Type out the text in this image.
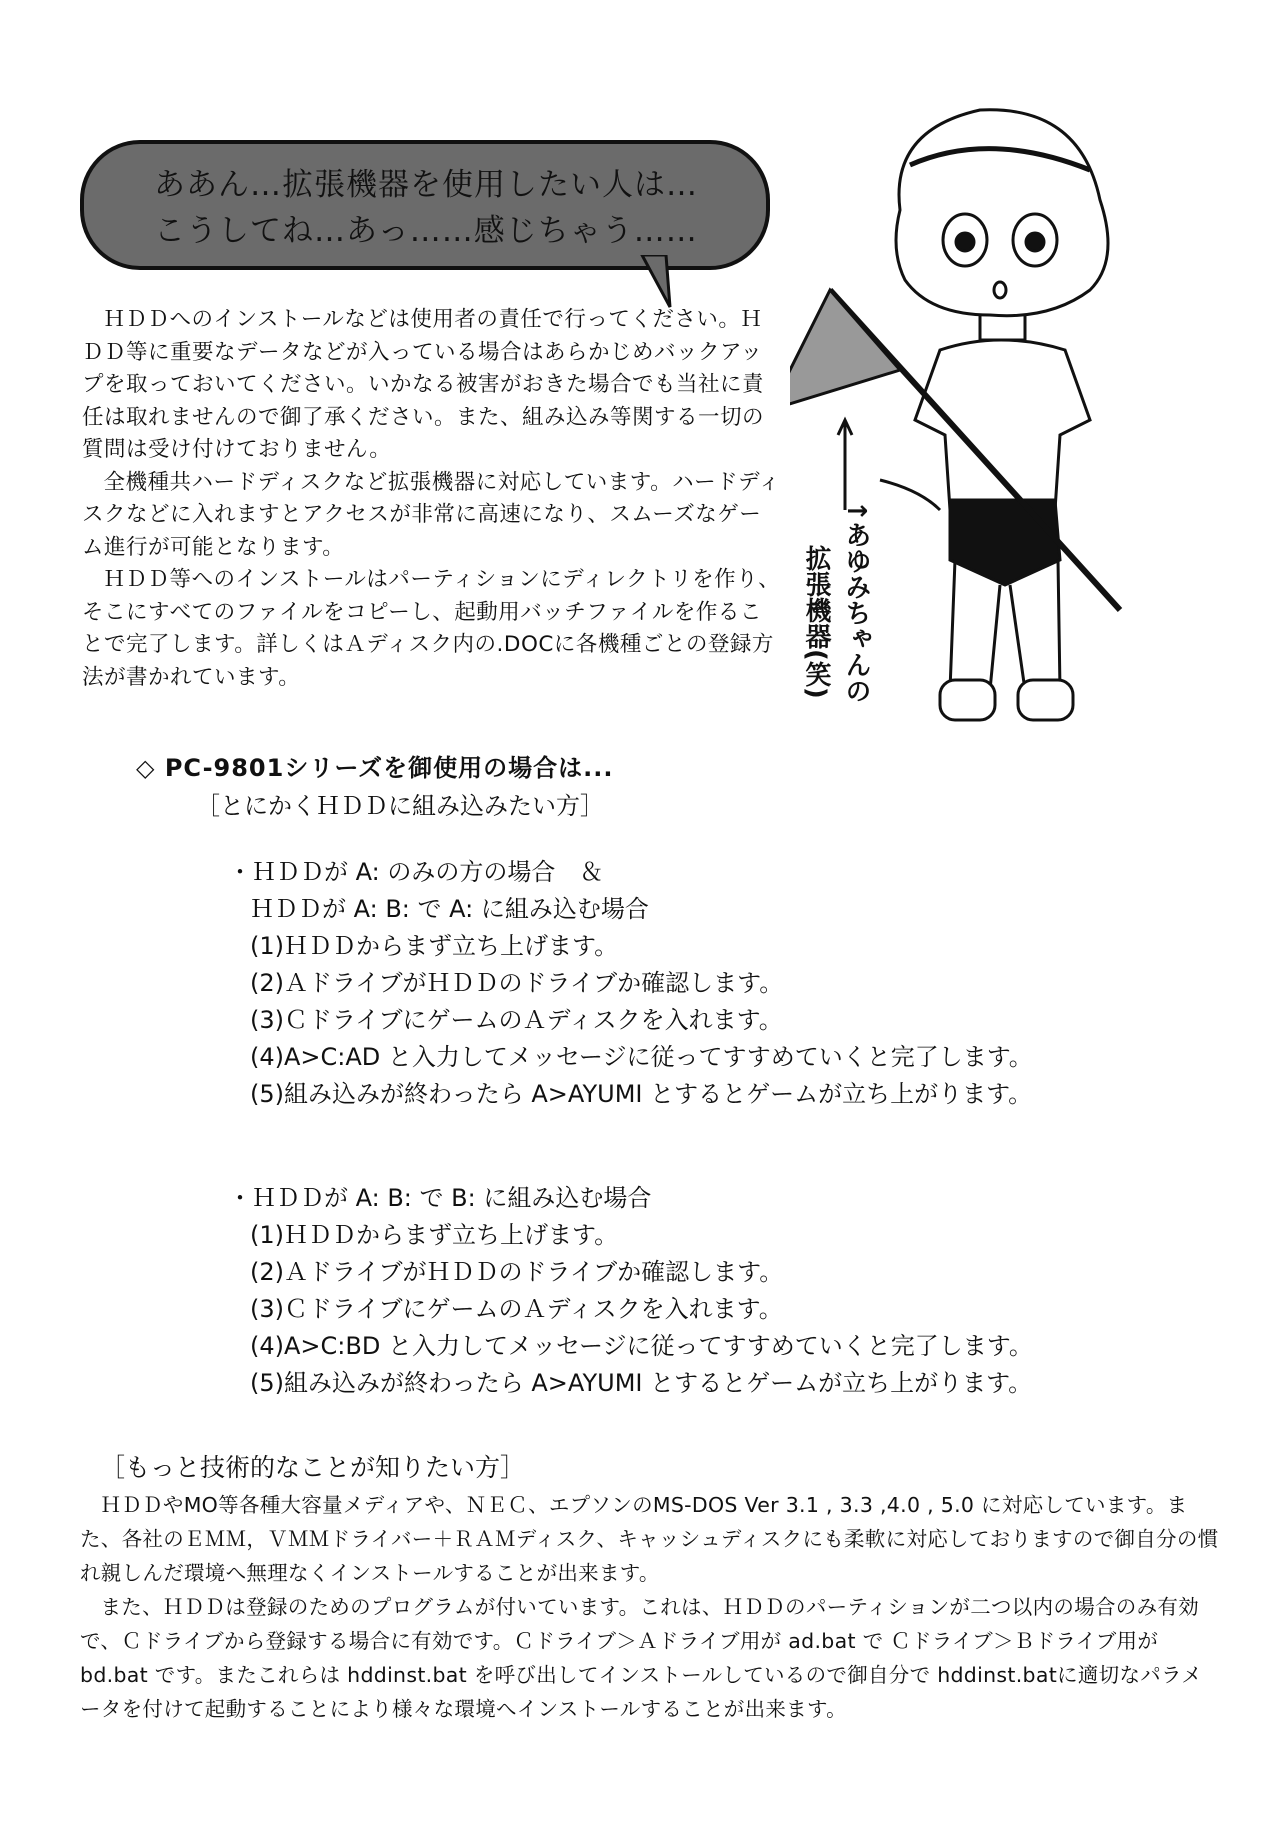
ああん…拡張機器を使用したい人は…
こうしてね…あっ……感じちゃう……

ＨＤＤへのインストールなどは使用者の責任で行ってください。ＨＤＤ等に重要なデータなどが入っている場合はあらかじめバックアップを取っておいてください。いかなる被害がおきた場合でも当社に責任は取れませんので御了承ください。また、組み込み等関する一切の質問は受け付けておりません。

全機種共ハードディスクなど拡張機器に対応しています。ハードディスクなどに入れますとアクセスが非常に高速になり、スムーズなゲーム進行が可能となります。

ＨＤＤ等へのインストールはパーティションにディレクトリを作り、そこにすべてのファイルをコピーし、起動用バッチファイルを作ることで完了します。詳しくはＡディスク内の.DOCに各機種ごとの登録方法が書かれています。	↑あゆみちゃんの
拡張機器(笑)
◇ PC-9801シリーズを御使用の場合は...
［とにかくＨＤＤに組み込みたい方］
・ＨＤＤが A: のみの方の場合　＆
ＨＤＤが A: B: で A: に組み込む場合
(1)ＨＤＤからまず立ち上げます。
(2)ＡドライブがＨＤＤのドライブか確認します。
(3)ＣドライブにゲームのＡディスクを入れます。
(4)A>C:AD と入力してメッセージに従ってすすめていくと完了します。
(5)組み込みが終わったら A>AYUMI とするとゲームが立ち上がります。
・ＨＤＤが A: B: で B: に組み込む場合
(1)ＨＤＤからまず立ち上げます。
(2)ＡドライブがＨＤＤのドライブか確認します。
(3)ＣドライブにゲームのＡディスクを入れます。
(4)A>C:BD と入力してメッセージに従ってすすめていくと完了します。
(5)組み込みが終わったら A>AYUMI とするとゲームが立ち上がります。
［もっと技術的なことが知りたい方］

ＨＤＤやMO等各種大容量メディアや、ＮＥＣ、エプソンのMS-DOS Ver 3.1 , 3.3 ,4.0 , 5.0 に対応しています。また、各社のＥＭＭ，ＶＭＭドライバー＋ＲＡＭディスク、キャッシュディスクにも柔軟に対応しておりますので御自分の慣れ親しんだ環境へ無理なくインストールすることが出来ます。

また、ＨＤＤは登録のためのプログラムが付いています。これは、ＨＤＤのパーティションが二つ以内の場合のみ有効で、Ｃドライブから登録する場合に有効です。Ｃドライブ＞Ａドライブ用が ad.bat で Ｃドライブ＞Ｂドライブ用が bd.bat です。またこれらは hddinst.bat を呼び出してインストールしているので御自分で hddinst.batに適切なパラメータを付けて起動することにより様々な環境へインストールすることが出来ます。
